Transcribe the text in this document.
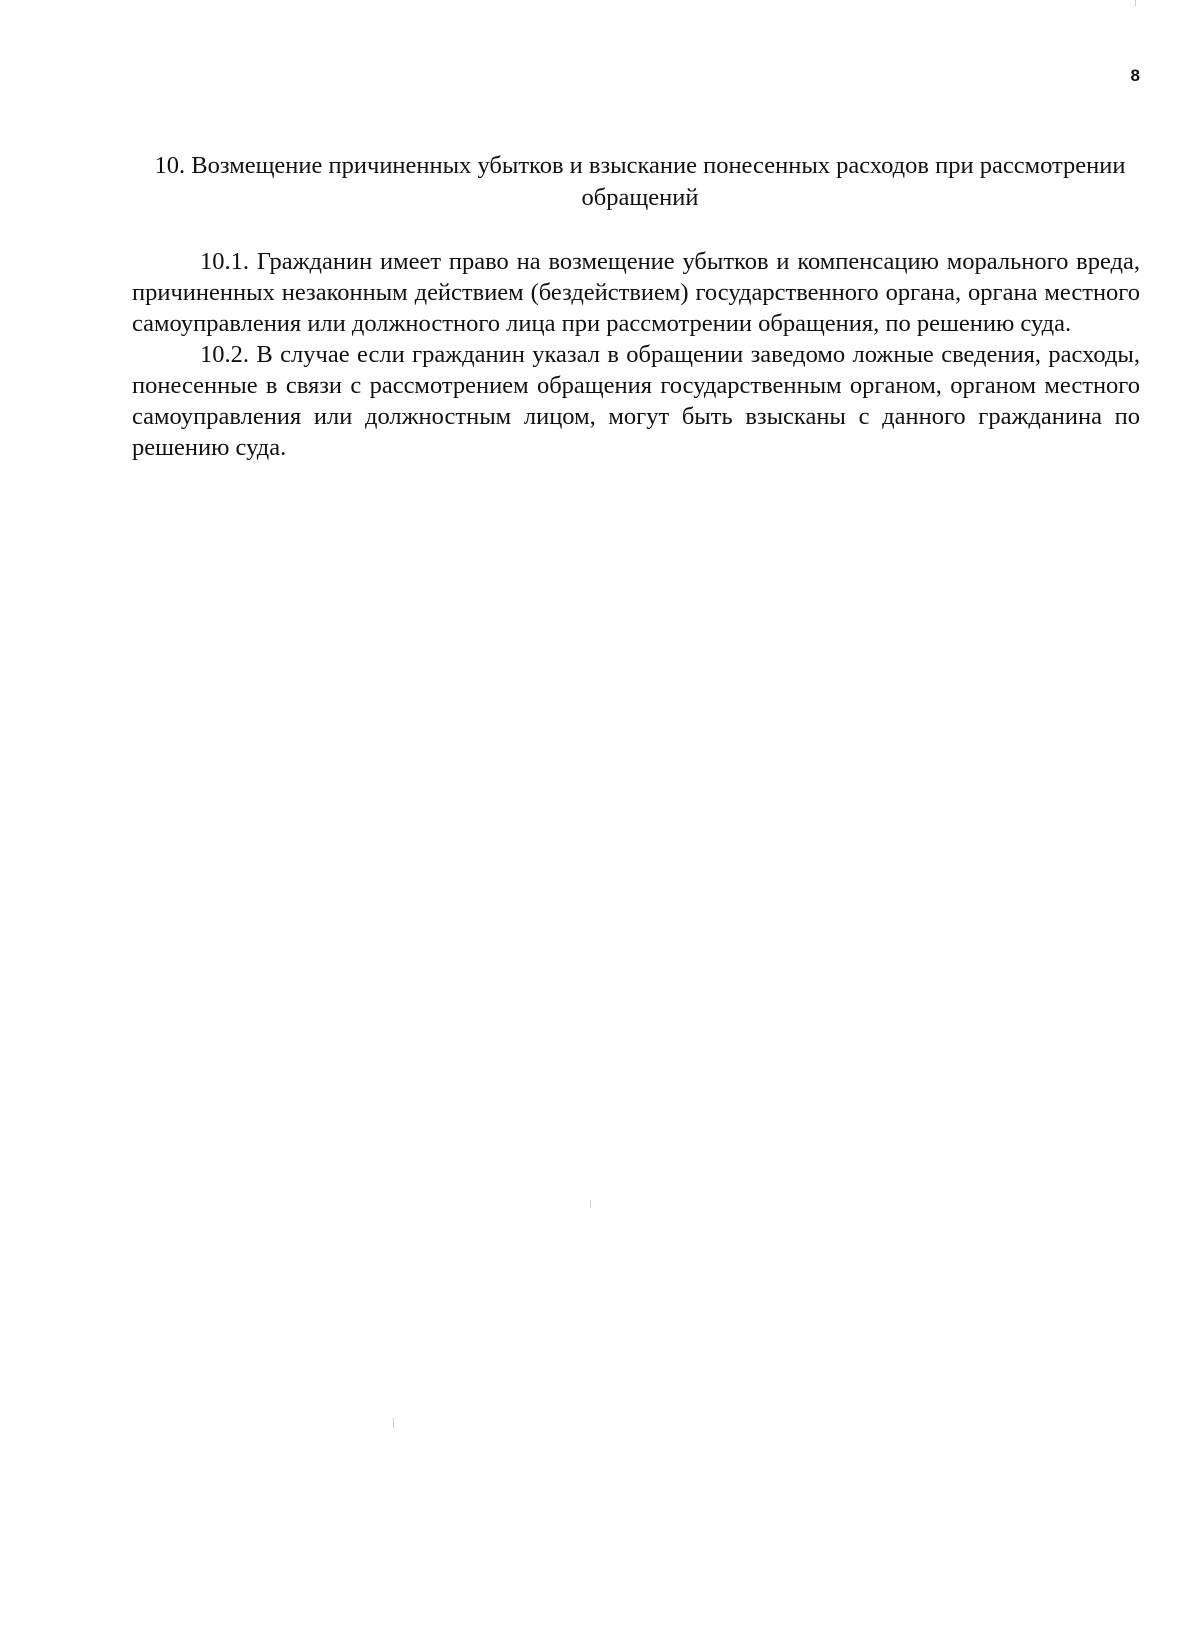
8
10. Возмещение причиненных убытков и взыскание понесенных расходов при рассмотрении обращений

10.1. Гражданин имеет право на возмещение убытков и компенсацию морального вреда, причиненных незаконным действием (бездействием) государственного органа, органа местного самоуправления или должностного лица при рассмотрении обращения, по решению суда.

10.2. В случае если гражданин указал в обращении заведомо ложные сведения, расходы, понесенные в связи с рассмотрением обращения государственным органом, органом местного самоуправления или должностным лицом, могут быть взысканы с данного гражданина по решению суда.
